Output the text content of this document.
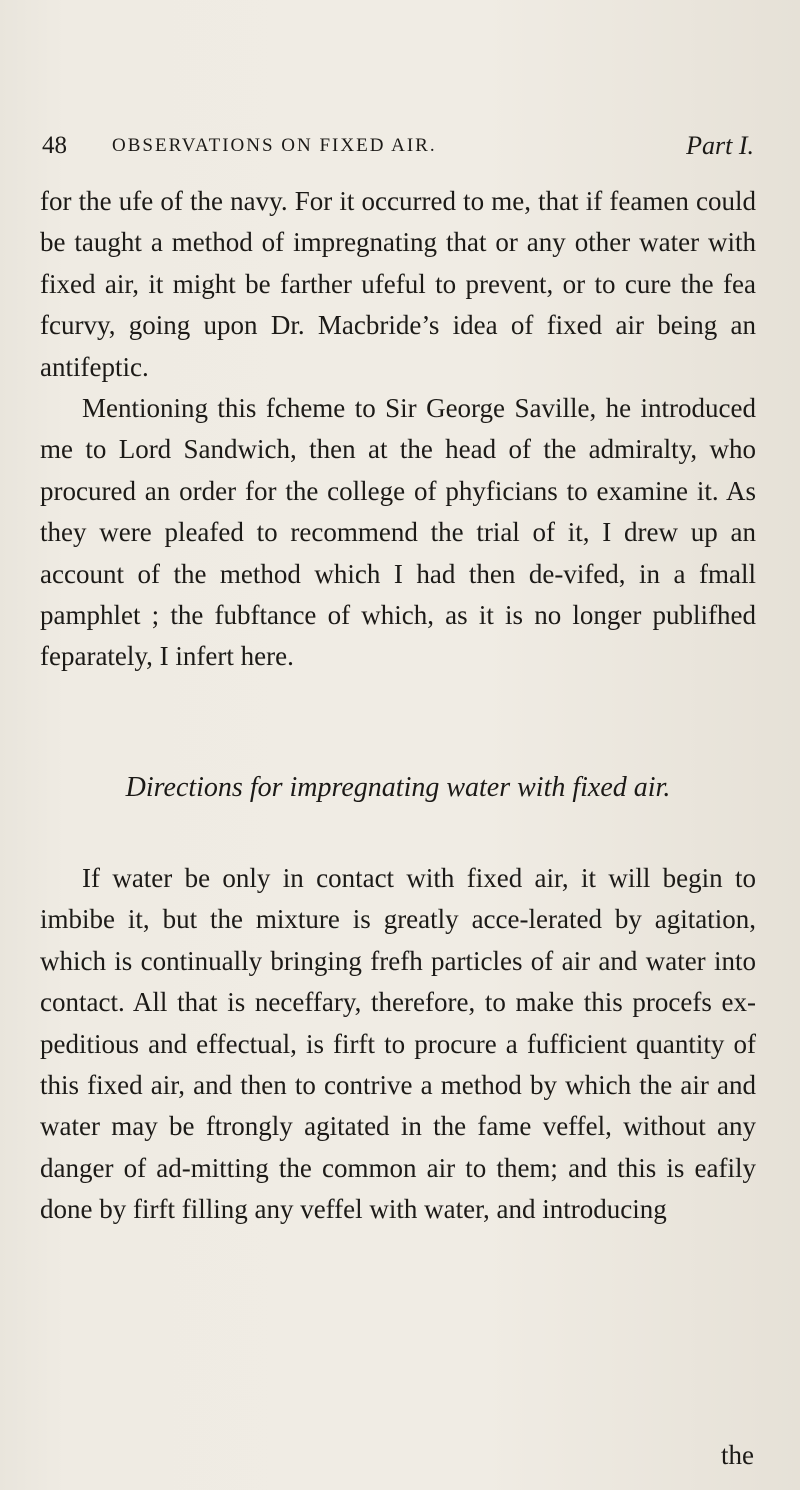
48 OBSERVATIONS ON FIXED AIR.	Part I.

for the ufe of the navy. For it occurred to me, that if feamen could be taught a method of impregnating that or any other water with fixed air, it might be farther ufeful to prevent, or to cure the fea fcurvy, going upon Dr. Macbride’s idea of fixed air being an antifeptic.

Mentioning this fcheme to Sir George Saville, he introduced me to Lord Sandwich, then at the head of the admiralty, who procured an order for the college of phyficians to examine it. As they were pleafed to recommend the trial of it, I drew up an account of the method which I had then de-vifed, in a fmall pamphlet ; the fubftance of which, as it is no longer publifhed feparately, I infert here.

Directions for impregnating water with fixed air.

If water be only in contact with fixed air, it will begin to imbibe it, but the mixture is greatly acce-lerated by agitation, which is continually bringing frefh particles of air and water into contact. All that is neceffary, therefore, to make this procefs ex-peditious and effectual, is firft to procure a fufficient quantity of this fixed air, and then to contrive a method by which the air and water may be ftrongly agitated in the fame veffel, without any danger of ad-mitting the common air to them; and this is eafily done by firft filling any veffel with water, and introducing

the
